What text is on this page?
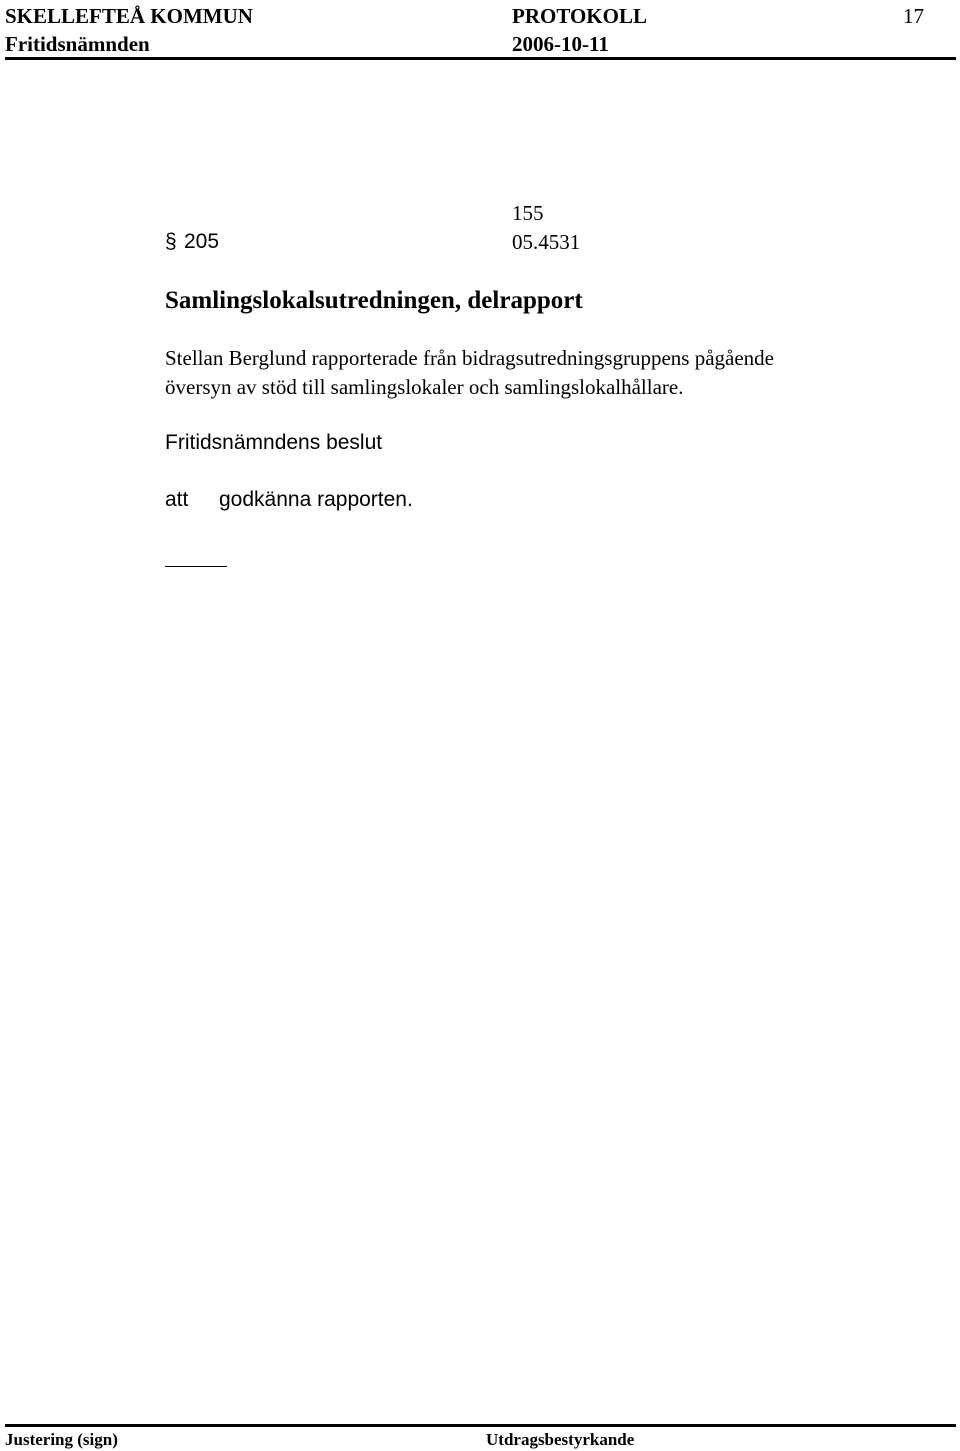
SKELLEFTEÅ KOMMUN	PROTOKOLL	17
Fritidsnämnden	2006-10-11
§ 205
155
05.4531
Samlingslokalsutredningen, delrapport
Stellan Berglund rapporterade från bidragsutredningsgruppens pågående
översyn av stöd till samlingslokaler och samlingslokalhållare.
Fritidsnämndens beslut
att godkänna rapporten.
Justering (sign)	Utdragsbestyrkande
